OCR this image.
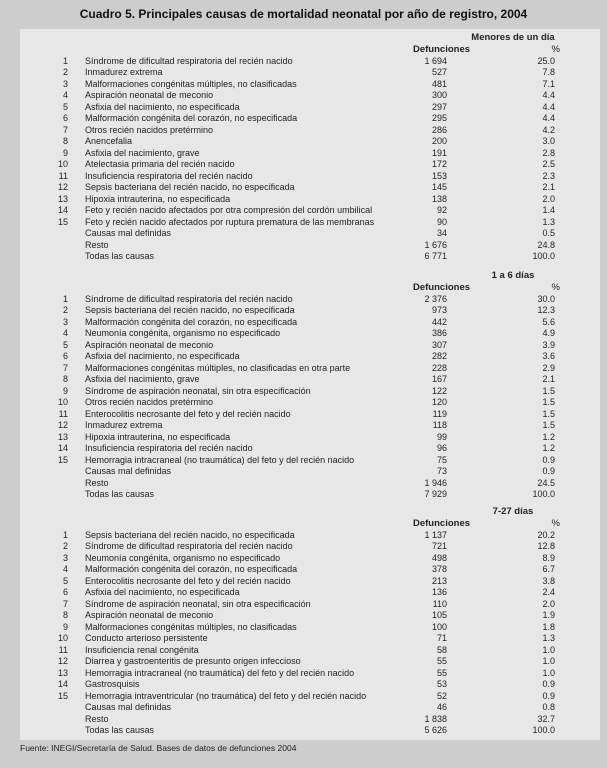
Cuadro 5. Principales causas de mortalidad neonatal por año de registro, 2004
Menores de un día
Defunciones	%
1 Síndrome de dificultad respiratoria del recién nacido	1 694	25.0
2 Inmadurez extrema	527	7.8
3 Malformaciones congénitas múltiples, no clasificadas	481	7.1
4 Aspiración neonatal de meconio	300	4.4
5 Asfixia del nacimiento, no especificada	297	4.4
6 Malformación congénita del corazón, no especificada	295	4.4
7 Otros recién nacidos pretérmino	286	4.2
8 Anencefalia	200	3.0
9 Asfixia del nacimiento, grave	191	2.8
10 Atelectasia primaria del recién nacido	172	2.5
11 Insuficiencia respiratoria del recién nacido	153	2.3
12 Sepsis bacteriana del recién nacido, no especificada	145	2.1
13 Hipoxia intrauterina, no especificada	138	2.0
14 Feto y recién nacido afectados por otra compresión del cordón umbilical	92	1.4
15 Feto y recién nacido afectados por ruptura prematura de las membranas	90	1.3
Causas mal definidas	34	0.5
Resto	1 676	24.8
Todas las causas	6 771	100.0
1 a 6 días
Defunciones	%
1 Síndrome de dificultad respiratoria del recién nacido	2 376	30.0
2 Sepsis bacteriana del recién nacido, no especificada	973	12.3
3 Malformación congénita del corazón, no especificada	442	5.6
4 Neumonía congénita, organismo no especificado	386	4.9
5 Aspiración neonatal de meconio	307	3.9
6 Asfixia del nacimiento, no especificada	282	3.6
7 Malformaciones congénitas múltiples, no clasificadas en otra parte	228	2.9
8 Asfixia del nacimiento, grave	167	2.1
9 Síndrome de aspiración neonatal, sin otra especificación	122	1.5
10 Otros recién nacidos pretérmino	120	1.5
11 Enterocolitis necrosante del feto y del recién nacido	119	1.5
12 Inmadurez extrema	118	1.5
13 Hipoxia intrauterina, no especificada	99	1.2
14 Insuficiencia respiratoria del recién nacido	96	1.2
15 Hemorragia intracraneal (no traumática) del feto y del recién nacido	75	0.9
Causas mal definidas	73	0.9
Resto	1 946	24.5
Todas las causas	7 929	100.0
7-27 días
Defunciones	%
1 Sepsis bacteriana del recién nacido, no especificada	1 137	20.2
2 Síndrome de dificultad respiratoria del recién nacido	721	12.8
3 Neumonía congénita, organismo no especificado	498	8.9
4 Malformación congénita del corazón, no especificada	378	6.7
5 Enterocolitis necrosante del feto y del recién nacido	213	3.8
6 Asfixia del nacimiento, no especificada	136	2.4
7 Síndrome de aspiración neonatal, sin otra especificación	110	2.0
8 Aspiración neonatal de meconio	105	1.9
9 Malformaciones congénitas múltiples, no clasificadas	100	1.8
10 Conducto arterioso persistente	71	1.3
11 Insuficiencia renal congénita	58	1.0
12 Diarrea y gastroenteritis de presunto origen infeccioso	55	1.0
13 Hemorragia intracraneal (no traumática) del feto y del recién nacido	55	1.0
14 Gastrosquisis	53	0.9
15 Hemorragia intraventricular (no traumática) del feto y del recién nacido	52	0.9
Causas mal definidas	46	0.8
Resto	1 838	32.7
Todas las causas	5 626	100.0
Fuente: INEGI/Secretaría de Salud. Bases de datos de defunciones 2004
